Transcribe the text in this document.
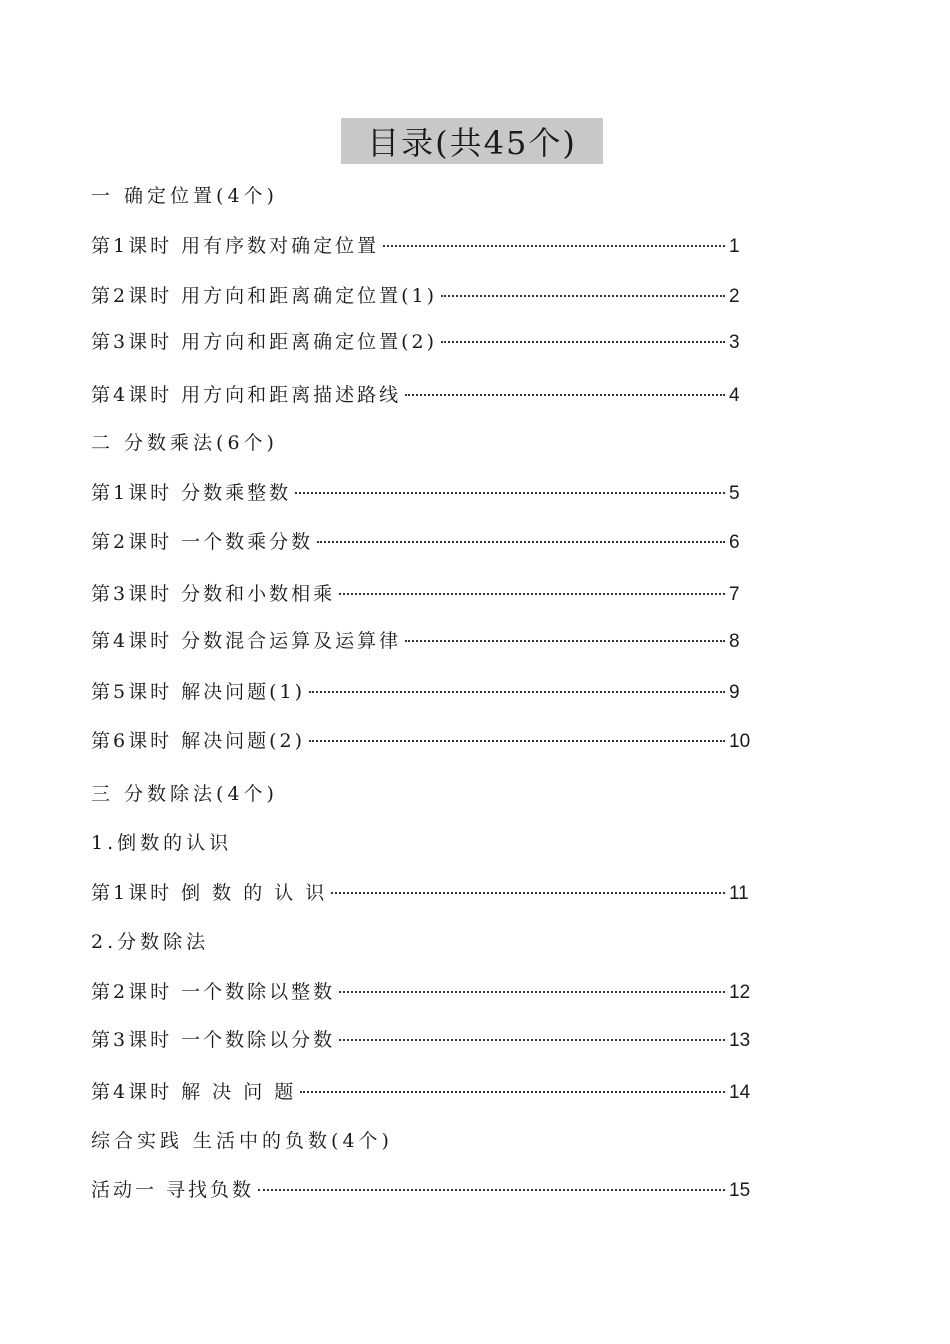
目录(共45个)
一 确定位置(4个)
第1课时 用有序数对确定位置	1
第2课时 用方向和距离确定位置(1)	2
第3课时 用方向和距离确定位置(2)	3
第4课时 用方向和距离描述路线	4
二 分数乘法(6个)
第1课时 分数乘整数	5
第2课时 一个数乘分数	6
第3课时 分数和小数相乘	7
第4课时 分数混合运算及运算律	8
第5课时 解决问题(1)	9
第6课时 解决问题(2)	10
三 分数除法(4个)
1.倒数的认识
第1课时 倒 数 的 认 识	11
2.分数除法
第2课时 一个数除以整数	12
第3课时 一个数除以分数	13
第4课时 解 决 问 题	14
综合实践 生活中的负数(4个)
活动一 寻找负数	15
